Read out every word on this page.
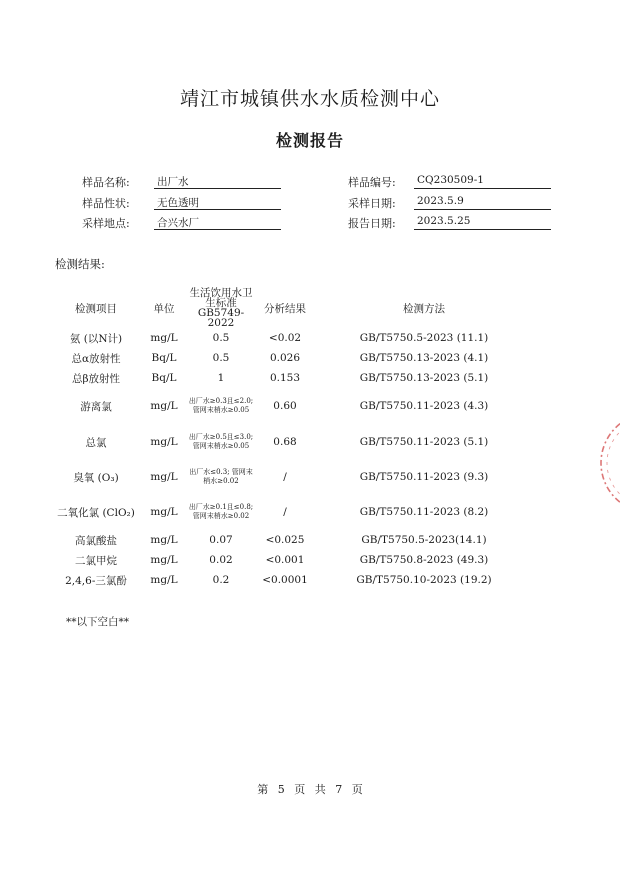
靖江市城镇供水水质检测中心
检测报告
样品名称:	出厂水	样品编号: CQ230509-1
样品性状:	无色透明	采样日期: 2023.5.9
采样地点:	合兴水厂	报告日期: 2023.5.25
检测结果:
检测项目	单位	生活饮用水卫生标准GB5749-2022	分析结果	检测方法
氨 (以N计)	mg/L	0.5	<0.02	GB/T5750.5-2023 (11.1)
总α放射性	Bq/L	0.5	0.026	GB/T5750.13-2023 (4.1)
总β放射性	Bq/L	1	0.153	GB/T5750.13-2023 (5.1)
游离氯	mg/L	出厂水≥0.3且≤2.0; 管网末梢水≥0.05	0.60	GB/T5750.11-2023 (4.3)
总氯	mg/L	出厂水≥0.5且≤3.0; 管网末梢水≥0.05	0.68	GB/T5750.11-2023 (5.1)
臭氧 (O₃)	mg/L	出厂水≤0.3; 管网末梢水≥0.02	/	GB/T5750.11-2023 (9.3)
二氧化氯 (ClO₂)	mg/L	出厂水≥0.1且≤0.8; 管网末梢水≥0.02	/	GB/T5750.11-2023 (8.2)
高氯酸盐	mg/L	0.07	<0.025	GB/T5750.5-2023(14.1)
二氯甲烷	mg/L	0.02	<0.001	GB/T5750.8-2023 (49.3)
2,4,6-三氯酚	mg/L	0.2	<0.0001	GB/T5750.10-2023 (19.2)
**以下空白**
第 5 页 共 7 页
